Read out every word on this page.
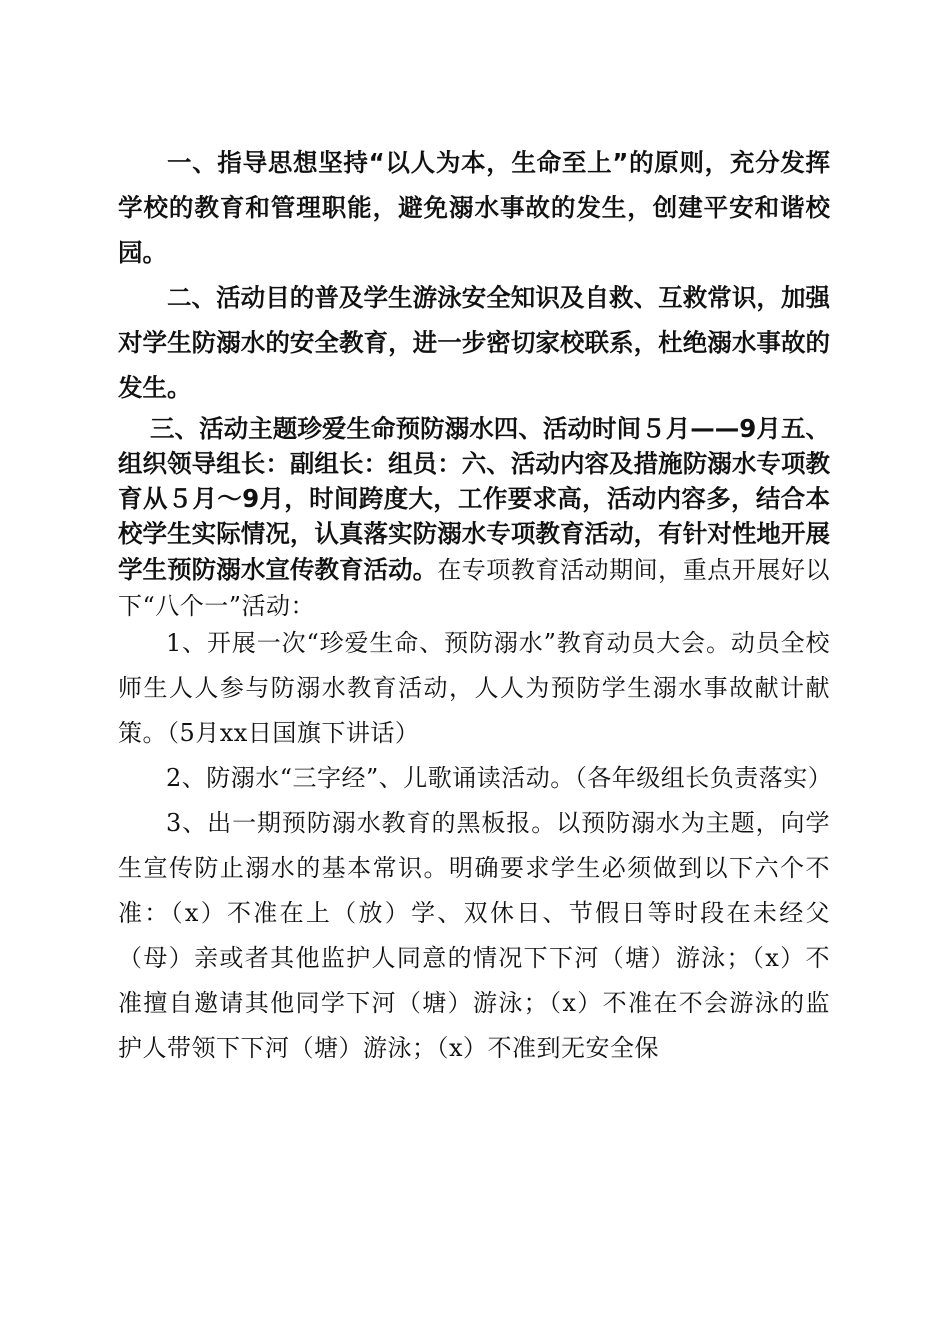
一、指导思想坚持“以人为本，生命至上”的原则，充分发挥学校的教育和管理职能，避免溺水事故的发生，创建平安和谐校园。

二、活动目的普及学生游泳安全知识及自救、互救常识，加强对学生防溺水的安全教育，进一步密切家校联系，杜绝溺水事故的发生。

三、活动主题珍爱生命预防溺水四、活动时间５月——9月五、组织领导组长：副组长：组员：六、活动内容及措施防溺水专项教育从５月～9月，时间跨度大，工作要求高，活动内容多，结合本校学生实际情况，认真落实防溺水专项教育活动，有针对性地开展学生预防溺水宣传教育活动。在专项教育活动期间，重点开展好以下“八个一”活动：

1、开展一次“珍爱生命、预防溺水”教育动员大会。动员全校师生人人参与防溺水教育活动，人人为预防学生溺水事故献计献策。（5月xx日国旗下讲话）

2、防溺水“三字经”、儿歌诵读活动。（各年级组长负责落实）

3、出一期预防溺水教育的黑板报。以预防溺水为主题，向学生宣传防止溺水的基本常识。明确要求学生必须做到以下六个不准：（x）不准在上（放）学、双休日、节假日等时段在未经父（母）亲或者其他监护人同意的情况下下河（塘）游泳；（x）不准擅自邀请其他同学下河（塘）游泳；（x）不准在不会游泳的监护人带领下下河（塘）游泳；（x）不准到无安全保
